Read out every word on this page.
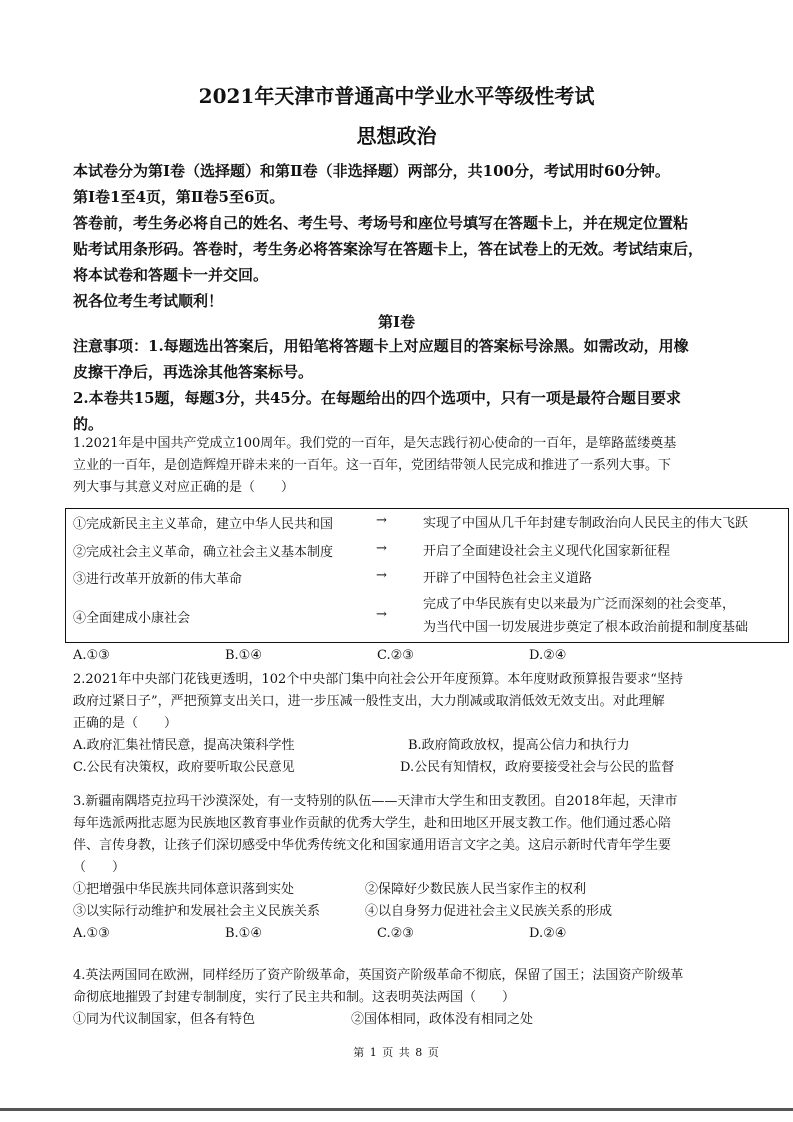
2021年天津市普通高中学业水平等级性考试
思想政治
本试卷分为第Ⅰ卷（选择题）和第Ⅱ卷（非选择题）两部分，共100分，考试用时60分钟。
第Ⅰ卷1至4页，第Ⅱ卷5至6页。
答卷前，考生务必将自己的姓名、考生号、考场号和座位号填写在答题卡上，并在规定位置粘
贴考试用条形码。答卷时，考生务必将答案涂写在答题卡上，答在试卷上的无效。考试结束后，
将本试卷和答题卡一并交回。
祝各位考生考试顺利！
第Ⅰ卷
注意事项：1.每题选出答案后，用铅笔将答题卡上对应题目的答案标号涂黑。如需改动，用橡
皮擦干净后，再选涂其他答案标号。
2.本卷共15题，每题3分，共45分。在每题给出的四个选项中，只有一项是最符合题目要求
的。
1.2021年是中国共产党成立100周年。我们党的一百年，是矢志践行初心使命的一百年，是筚路蓝缕奠基
立业的一百年，是创造辉煌开辟未来的一百年。这一百年，党团结带领人民完成和推进了一系列大事。下
列大事与其意义对应正确的是（　　）
①完成新民主主义革命，建立中华人民共和国	→	实现了中国从几千年封建专制政治向人民民主的伟大飞跃
②完成社会主义革命，确立社会主义基本制度	→	开启了全面建设社会主义现代化国家新征程
③进行改革开放新的伟大革命	→	开辟了中国特色社会主义道路
④全面建成小康社会	→
完成了中华民族有史以来最为广泛而深刻的社会变革，
为当代中国一切发展进步奠定了根本政治前提和制度基础
A.①③	B.①④	C.②③	D.②④
2.2021年中央部门花钱更透明，102个中央部门集中向社会公开年度预算。本年度财政预算报告要求“坚持
政府过紧日子”，严把预算支出关口，进一步压减一般性支出，大力削减或取消低效无效支出。对此理解
正确的是（　　）
A.政府汇集社情民意，提高决策科学性	B.政府简政放权，提高公信力和执行力
C.公民有决策权，政府要听取公民意见	D.公民有知情权，政府要接受社会与公民的监督
3.新疆南隅塔克拉玛干沙漠深处，有一支特别的队伍——天津市大学生和田支教团。自2018年起，天津市
每年选派两批志愿为民族地区教育事业作贡献的优秀大学生，赴和田地区开展支教工作。他们通过悉心陪
伴、言传身教，让孩子们深切感受中华优秀传统文化和国家通用语言文字之美。这启示新时代青年学生要
（　　）
①把增强中华民族共同体意识落到实处	②保障好少数民族人民当家作主的权利
③以实际行动维护和发展社会主义民族关系	④以自身努力促进社会主义民族关系的形成
A.①③	B.①④	C.②③	D.②④
4.英法两国同在欧洲，同样经历了资产阶级革命，英国资产阶级革命不彻底，保留了国王；法国资产阶级革
命彻底地摧毁了封建专制制度，实行了民主共和制。这表明英法两国（　　）
①同为代议制国家，但各有特色	②国体相同，政体没有相同之处
第 1 页 共 8 页
